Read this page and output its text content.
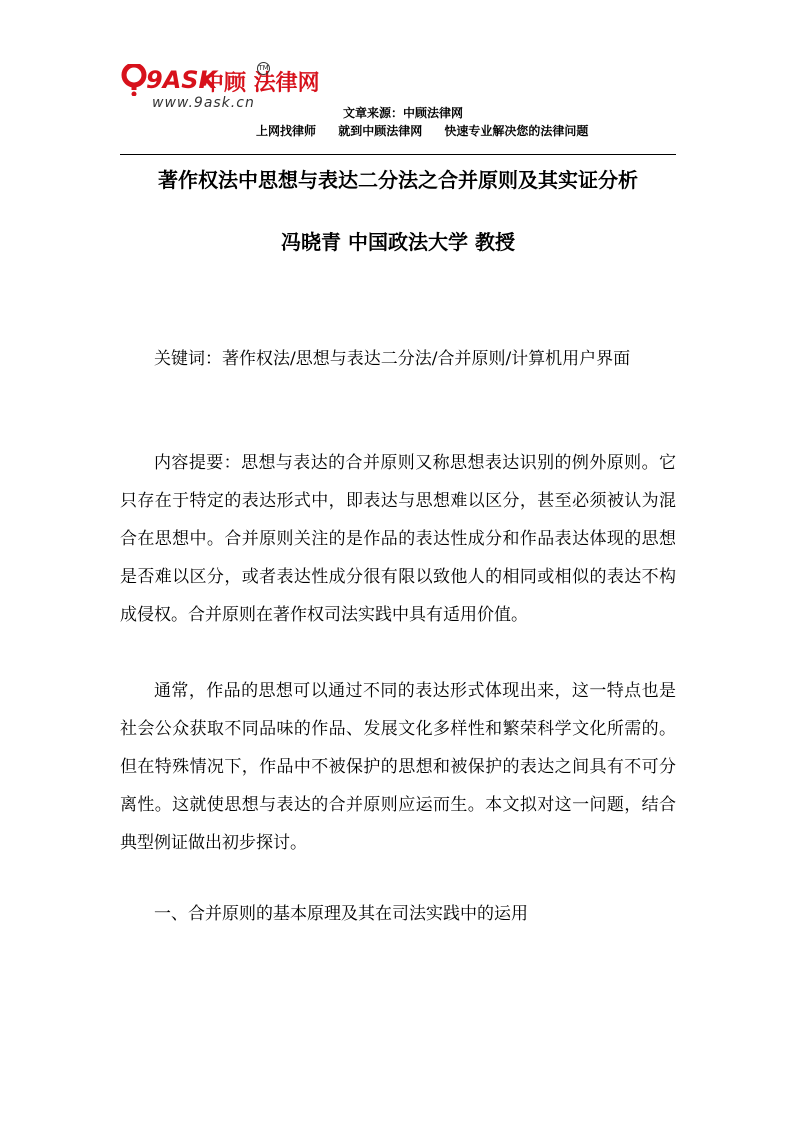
9ASK
中顾 法律网
TM
www.9ask.cn
文章来源：中顾法律网
上网找律师 就到中顾法律网 快速专业解决您的法律问题
著作权法中思想与表达二分法之合并原则及其实证分析
冯晓青 中国政法大学 教授

关键词：著作权法/思想与表达二分法/合并原则/计算机用户界面

内容提要：思想与表达的合并原则又称思想表达识别的例外原则。它只存在于特定的表达形式中，即表达与思想难以区分，甚至必须被认为混合在思想中。合并原则关注的是作品的表达性成分和作品表达体现的思想是否难以区分，或者表达性成分很有限以致他人的相同或相似的表达不构成侵权。合并原则在著作权司法实践中具有适用价值。

通常，作品的思想可以通过不同的表达形式体现出来，这一特点也是社会公众获取不同品味的作品、发展文化多样性和繁荣科学文化所需的。但在特殊情况下，作品中不被保护的思想和被保护的表达之间具有不可分离性。这就使思想与表达的合并原则应运而生。本文拟对这一问题，结合典型例证做出初步探讨。

一、合并原则的基本原理及其在司法实践中的运用
